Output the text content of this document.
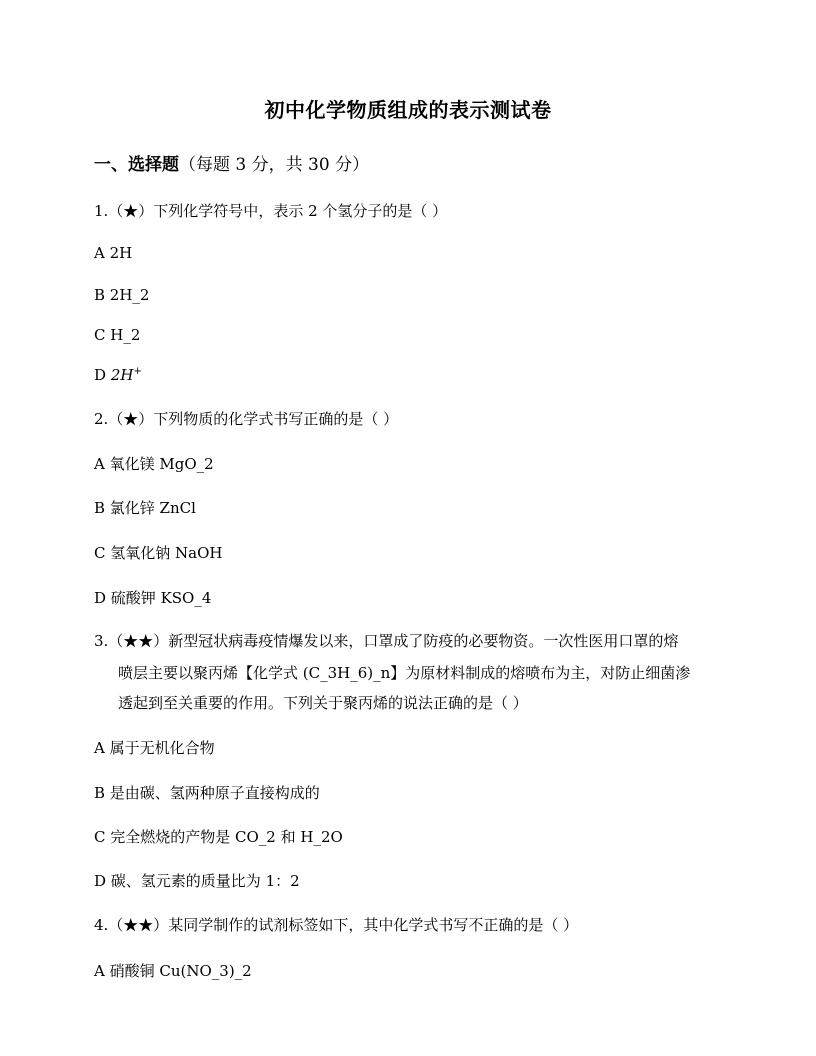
初中化学物质组成的表示测试卷
一、选择题（每题 3 分，共 30 分）
1.（★）下列化学符号中，表示 2 个氢分子的是（ ）
A 2H
B 2H_2
C H_2
D 2H+
2.（★）下列物质的化学式书写正确的是（ ）
A 氧化镁 MgO_2
B 氯化锌 ZnCl
C 氢氧化钠 NaOH
D 硫酸钾 KSO_4
3.（★★）新型冠状病毒疫情爆发以来，口罩成了防疫的必要物资。一次性医用口罩的熔
喷层主要以聚丙烯【化学式 (C_3H_6)_n】为原材料制成的熔喷布为主，对防止细菌渗
透起到至关重要的作用。下列关于聚丙烯的说法正确的是（ ）
A 属于无机化合物
B 是由碳、氢两种原子直接构成的
C 完全燃烧的产物是 CO_2 和 H_2O
D 碳、氢元素的质量比为 1：2
4.（★★）某同学制作的试剂标签如下，其中化学式书写不正确的是（ ）
A 硝酸铜 Cu(NO_3)_2
